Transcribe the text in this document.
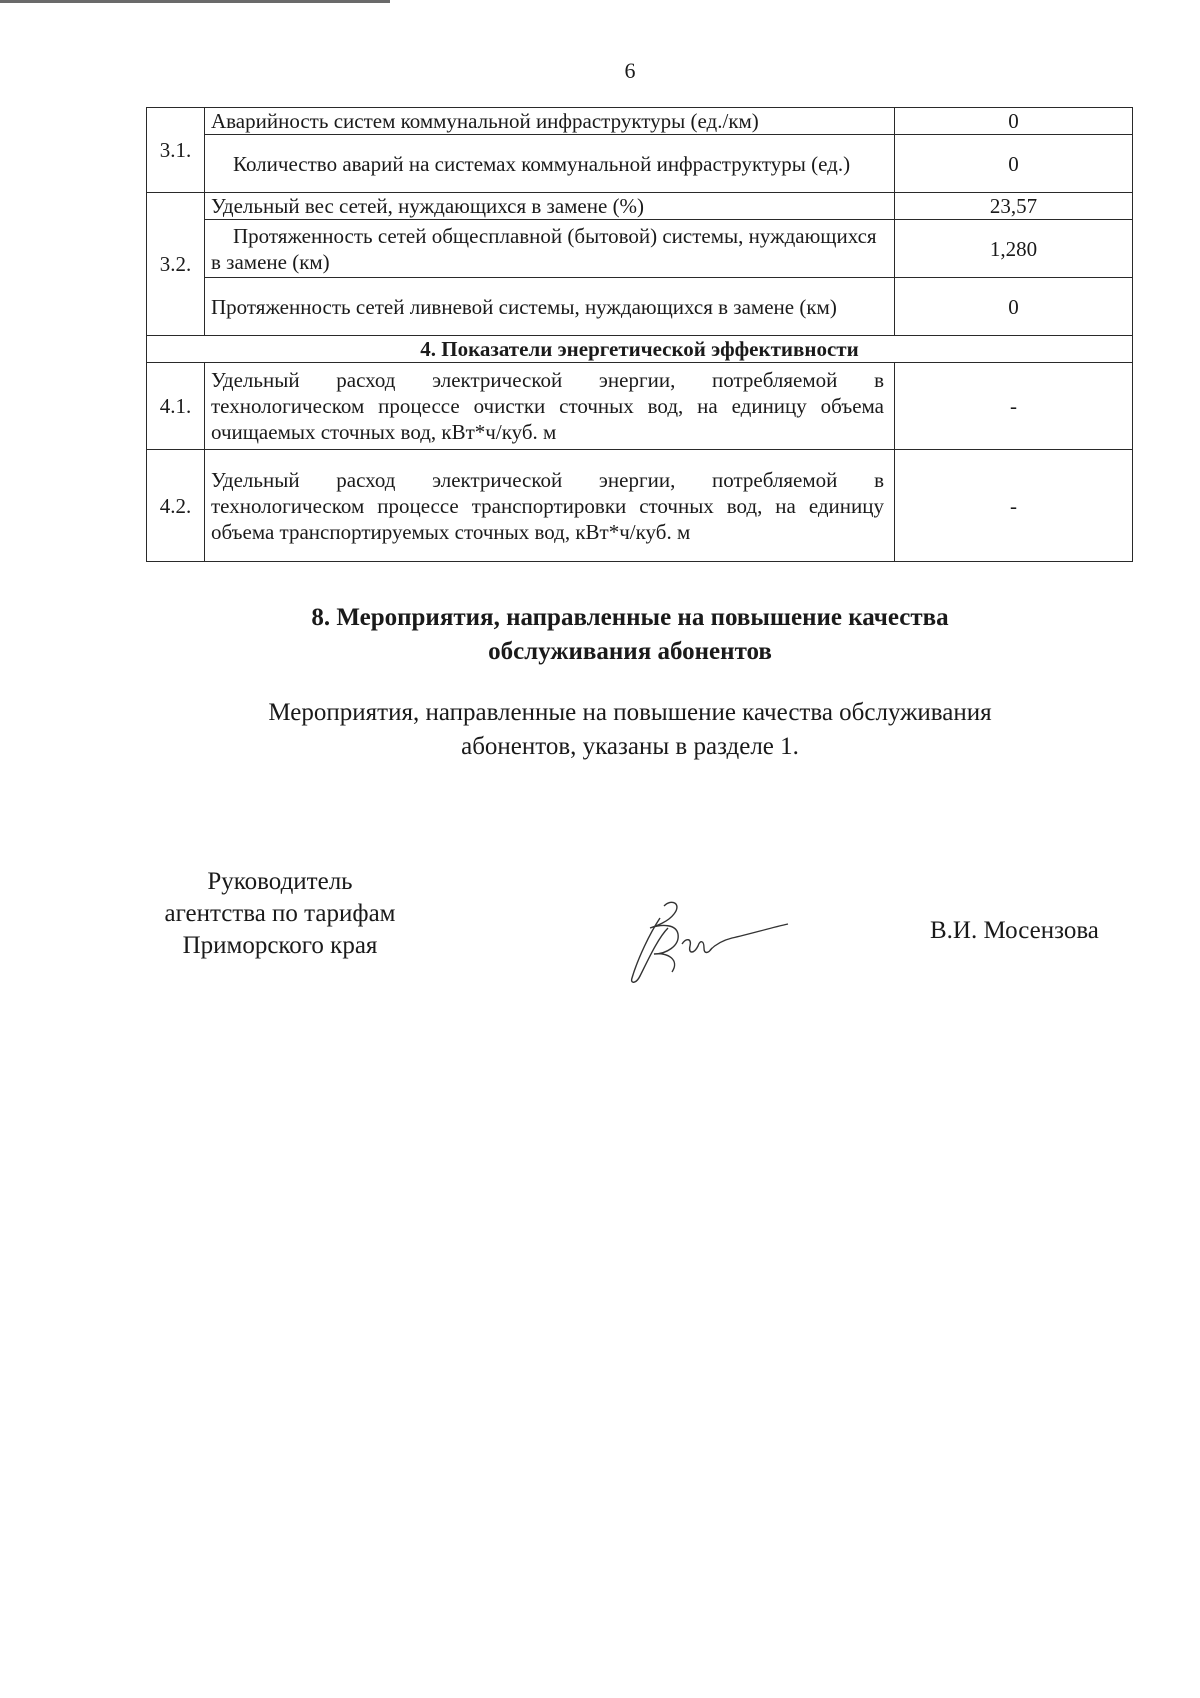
6
3.1.	Аварийность систем коммунальной инфраструктуры (ед./км)	0
	Количество аварий на системах коммунальной инфраструктуры (ед.)	0
3.2.	Удельный вес сетей, нуждающихся в замене (%)	23,57
	Протяженность сетей общесплавной (бытовой) системы, нуждающихся в замене (км)	1,280
	Протяженность сетей ливневой системы, нуждающихся в замене (км)	0
4. Показатели энергетической эффективности		
4.1.	Удельный расход электрической энергии, потребляемой в технологическом процессе очистки сточных вод, на единицу объема очищаемых сточных вод, кВт*ч/куб. м	-
4.2.	Удельный расход электрической энергии, потребляемой в технологическом процессе транспортировки сточных вод, на единицу объема транспортируемых сточных вод, кВт*ч/куб. м	-
8. Мероприятия, направленные на повышение качества
обслуживания абонентов
Мероприятия, направленные на повышение качества обслуживания
абонентов, указаны в разделе 1.
Руководитель
агентства по тарифам
Приморского края
В.И. Мосензова
